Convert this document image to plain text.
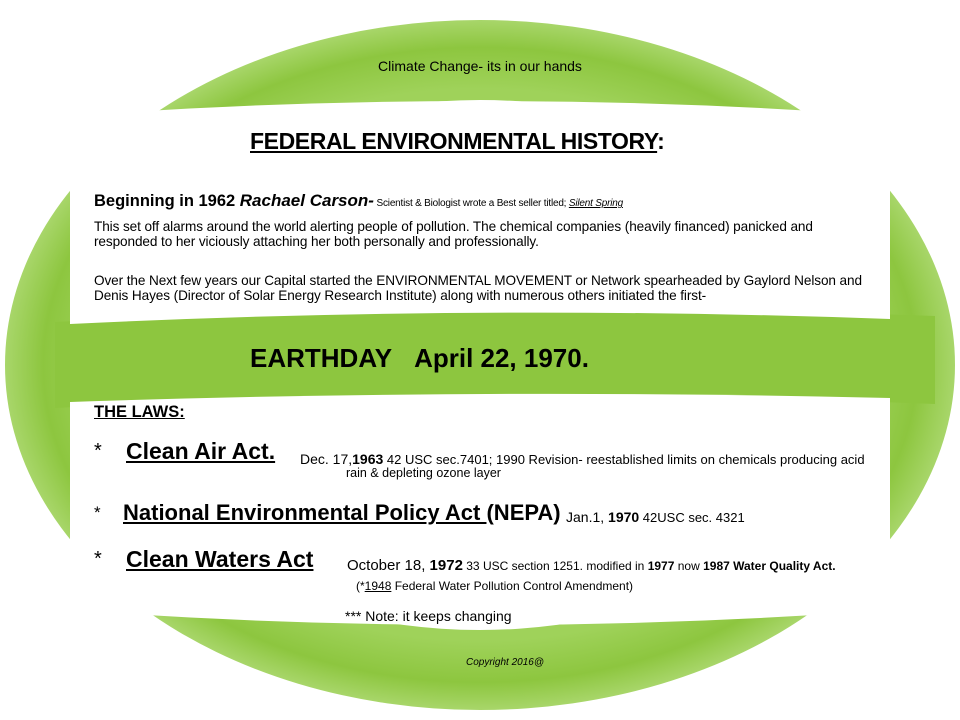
Climate Change- its in our hands
FEDERAL ENVIRONMENTAL HISTORY:
Beginning in 1962 Rachael Carson- Scientist & Biologist wrote a Best seller titled; Silent Spring
This set off alarms around the world alerting people of pollution. The chemical companies (heavily financed) panicked and responded to her viciously attaching her both personally and professionally.
Over the Next few years our Capital started the ENVIRONMENTAL MOVEMENT or Network spearheaded by Gaylord Nelson and Denis Hayes (Director of Solar Energy Research Institute) along with numerous others initiated the first-
EARTHDAY April 22, 1970.
THE LAWS:
* Clean Air Act. Dec. 17,1963 42 USC sec.7401; 1990 Revision- reestablished limits on chemicals producing acid
rain & depleting ozone layer
* National Environmental Policy Act (NEPA) Jan.1, 1970 42USC sec. 4321
* Clean Waters Act October 18, 1972 33 USC section 1251. modified in 1977 now 1987 Water Quality Act.
(*1948 Federal Water Pollution Control Amendment)
*** Note: it keeps changing
Copyright 2016@
